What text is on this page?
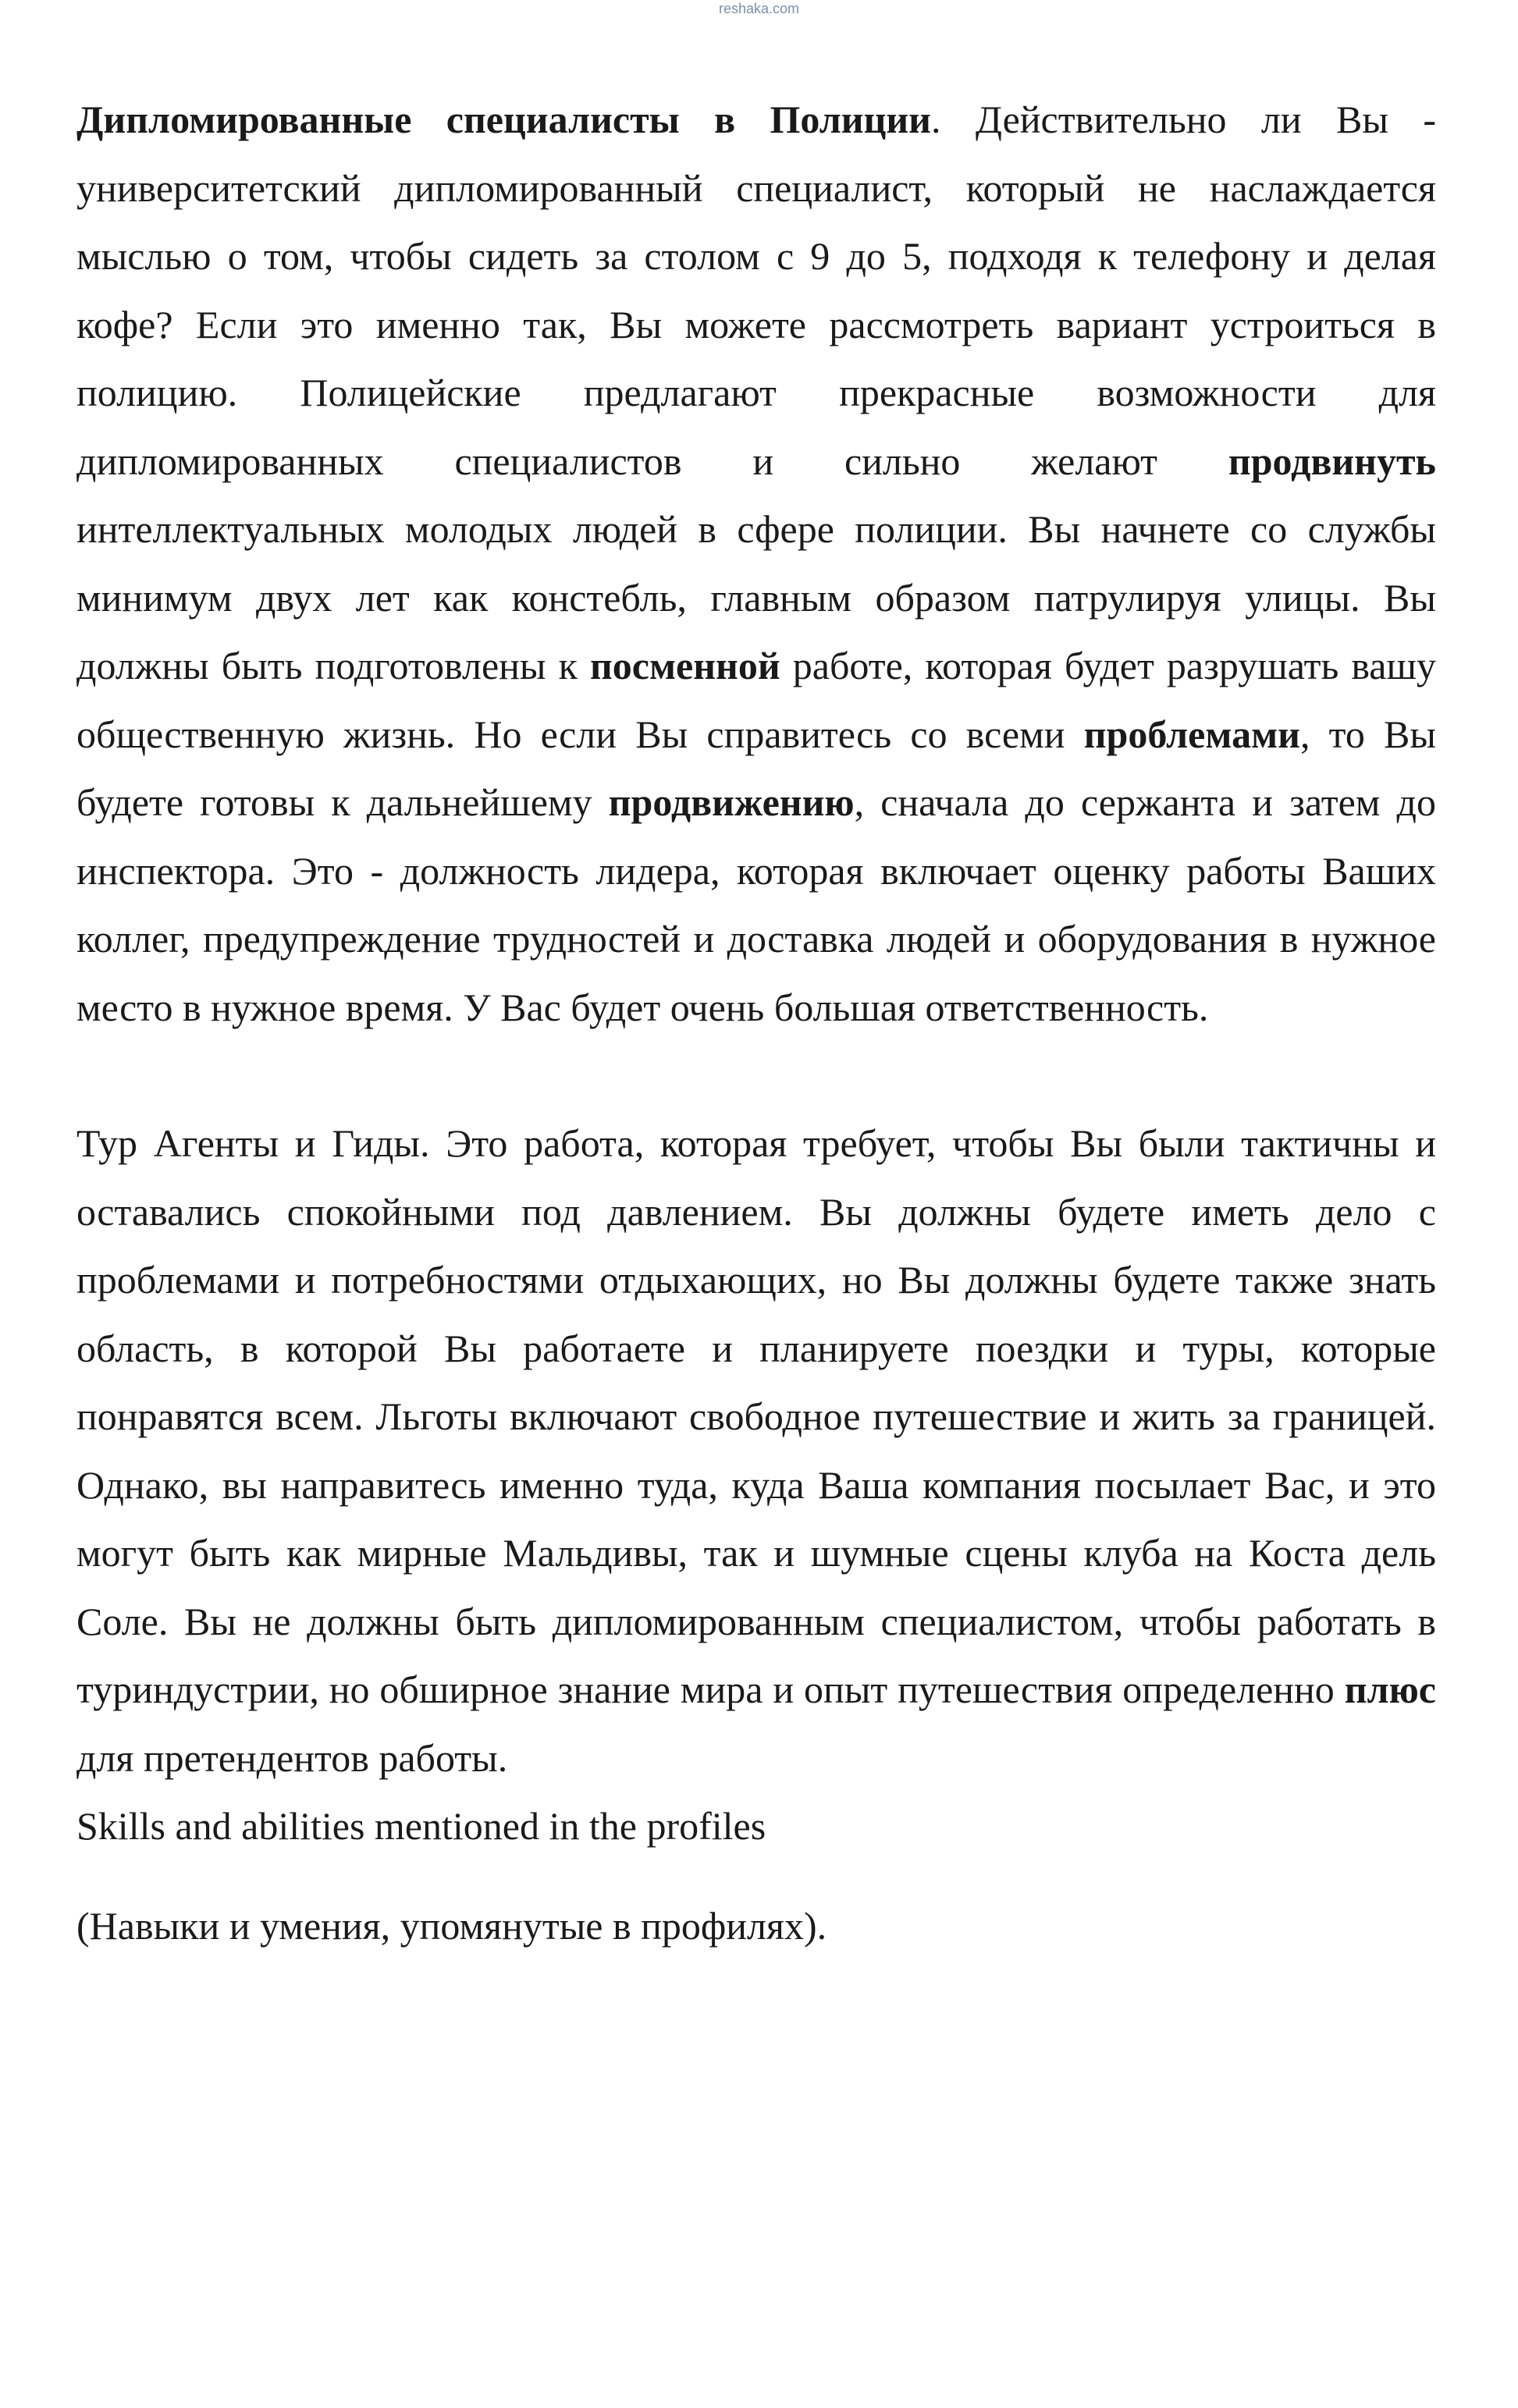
reshaka.com

Дипломированные специалисты в Полиции. Действительно ли Вы - университетский дипломированный специалист, который не наслаждается мыслью о том, чтобы сидеть за столом с 9 до 5, подходя к телефону и делая кофе? Если это именно так, Вы можете рассмотреть вариант устроиться в полицию. Полицейские предлагают прекрасные возможности для дипломированных специалистов и сильно желают продвинуть интеллектуальных молодых людей в сфере полиции. Вы начнете со службы минимум двух лет как констебль, главным образом патрулируя улицы. Вы должны быть подготовлены к посменной работе, которая будет разрушать вашу общественную жизнь. Но если Вы справитесь со всеми проблемами, то Вы будете готовы к дальнейшему продвижению, сначала до сержанта и затем до инспектора. Это - должность лидера, которая включает оценку работы Ваших коллег, предупреждение трудностей и доставка людей и оборудования в нужное место в нужное время. У Вас будет очень большая ответственность.

Тур Агенты и Гиды. Это работа, которая требует, чтобы Вы были тактичны и оставались спокойными под давлением. Вы должны будете иметь дело с проблемами и потребностями отдыхающих, но Вы должны будете также знать область, в которой Вы работаете и планируете поездки и туры, которые понравятся всем. Льготы включают свободное путешествие и жить за границей. Однако, вы направитесь именно туда, куда Ваша компания посылает Вас, и это могут быть как мирные Мальдивы, так и шумные сцены клуба на Коста дель Соле. Вы не должны быть дипломированным специалистом, чтобы работать в туриндустрии, но обширное знание мира и опыт путешествия определенно плюс для претендентов работы.

Skills and abilities mentioned in the profiles

(Навыки и умения, упомянутые в профилях).
